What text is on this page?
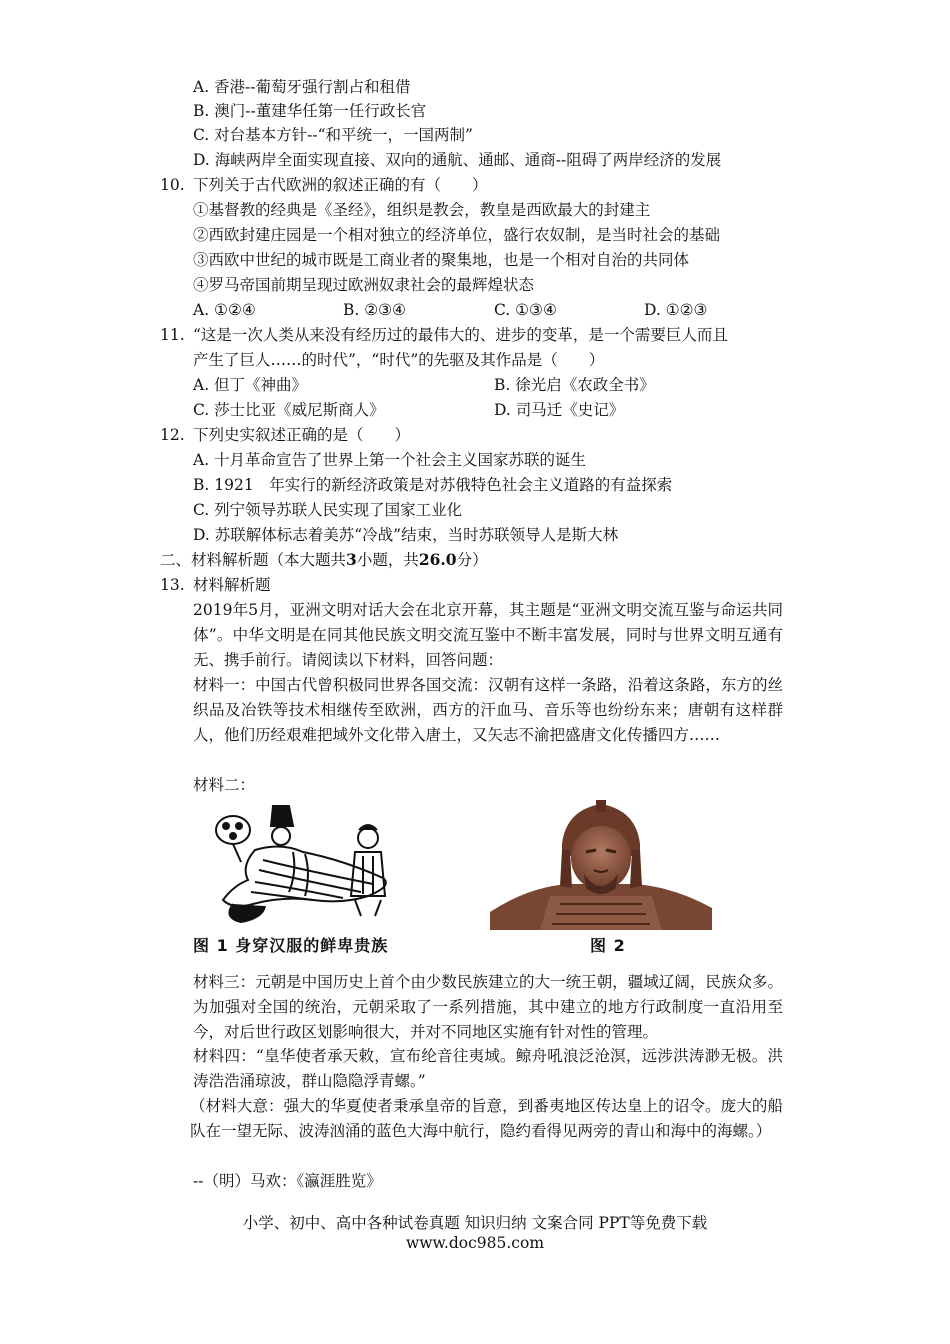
A. 香港--葡萄牙强行割占和租借
B. 澳门--董建华任第一任行政长官
C. 对台基本方针--“和平统一，一国两制”
D. 海峡两岸全面实现直接、双向的通航、通邮、通商--阻碍了两岸经济的发展
10. 下列关于古代欧洲的叙述正确的有（　　）
①基督教的经典是《圣经》，组织是教会，教皇是西欧最大的封建主
②西欧封建庄园是一个相对独立的经济单位，盛行农奴制，是当时社会的基础
③西欧中世纪的城市既是工商业者的聚集地，也是一个相对自治的共同体
④罗马帝国前期呈现过欧洲奴隶社会的最辉煌状态
A. ①②④	B. ②③④	C. ①③④	D. ①②③
11. “这是一次人类从来没有经历过的最伟大的、进步的变革，是一个需要巨人而且
产生了巨人……的时代”，“时代”的先驱及其作品是（　　）
A. 但丁《神曲》	B. 徐光启《农政全书》
C. 莎士比亚《威尼斯商人》	D. 司马迁《史记》
12. 下列史实叙述正确的是（　　）
A. 十月革命宣告了世界上第一个社会主义国家苏联的诞生
B. 1921　年实行的新经济政策是对苏俄特色社会主义道路的有益探索
C. 列宁领导苏联人民实现了国家工业化
D. 苏联解体标志着美苏“冷战”结束，当时苏联领导人是斯大林
二、材料解析题（本大题共3小题，共26.0分）
13. 材料解析题
2019年5月，亚洲文明对话大会在北京开幕，其主题是“亚洲文明交流互鉴与命运共同体”。中华文明是在同其他民族文明交流互鉴中不断丰富发展，同时与世界文明互通有无、携手前行。请阅读以下材料，回答问题：
材料一：中国古代曾积极同世界各国交流：汉朝有这样一条路，沿着这条路，东方的丝织品及冶铁等技术相继传至欧洲，西方的汗血马、音乐等也纷纷东来；唐朝有这样群人，他们历经艰难把域外文化带入唐土，又矢志不渝把盛唐文化传播四方……
材料二：
图 1 身穿汉服的鲜卑贵族	图 2
材料三：元朝是中国历史上首个由少数民族建立的大一统王朝，疆域辽阔，民族众多。为加强对全国的统治，元朝采取了一系列措施，其中建立的地方行政制度一直沿用至今，对后世行政区划影响很大，并对不同地区实施有针对性的管理。
材料四：“皇华使者承天敕，宣布纶音往夷域。鲸舟吼浪泛沧溟，远涉洪涛渺无极。洪涛浩浩涌琼波，群山隐隐浮青螺。”
（材料大意：强大的华夏使者秉承皇帝的旨意，到番夷地区传达皇上的诏令。庞大的船队在一望无际、波涛汹涌的蓝色大海中航行，隐约看得见两旁的青山和海中的海螺。）
--（明）马欢：《瀛涯胜览》
小学、初中、高中各种试卷真题 知识归纳 文案合同 PPT等免费下载
www.doc985.com
